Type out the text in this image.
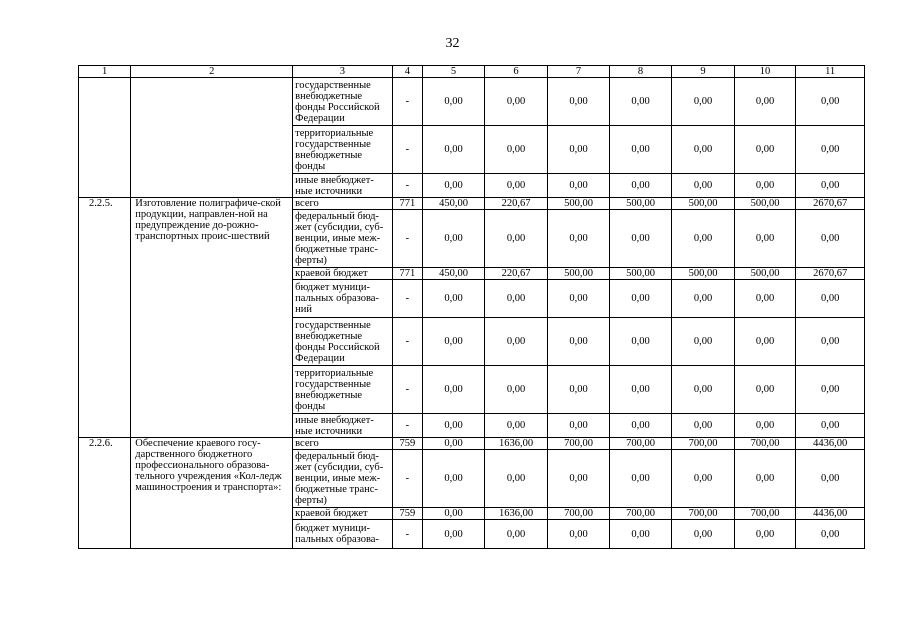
32
1	2	3	4	5	6	7	8	9	10	11
		государственные внебюджетные фонды Российской Федерации	-	0,00	0,00	0,00	0,00	0,00	0,00	0,00
		территориальные государственные внебюджетные фонды	-	0,00	0,00	0,00	0,00	0,00	0,00	0,00
		иные внебюджет-ные источники	-	0,00	0,00	0,00	0,00	0,00	0,00	0,00
2.2.5.	Изготовление полиграфиче-ской продукции, направлен-ной на предупреждение до-рожно-транспортных проис-шествий	всего	771	450,00	220,67	500,00	500,00	500,00	500,00	2670,67
		федеральный бюд-жет (субсидии, суб-венции, иные меж-бюджетные транс-ферты)	-	0,00	0,00	0,00	0,00	0,00	0,00	0,00
		краевой бюджет	771	450,00	220,67	500,00	500,00	500,00	500,00	2670,67
		бюджет муници-пальных образова-ний	-	0,00	0,00	0,00	0,00	0,00	0,00	0,00
		государственные внебюджетные фонды Российской Федерации	-	0,00	0,00	0,00	0,00	0,00	0,00	0,00
		территориальные государственные внебюджетные фонды	-	0,00	0,00	0,00	0,00	0,00	0,00	0,00
		иные внебюджет-ные источники	-	0,00	0,00	0,00	0,00	0,00	0,00	0,00
2.2.6.	Обеспечение краевого госу-дарственного бюджетного профессионального образова-тельного учреждения «Кол-ледж машиностроения и транспорта»:	всего	759	0,00	1636,00	700,00	700,00	700,00	700,00	4436,00
		федеральный бюд-жет (субсидии, суб-венции, иные меж-бюджетные транс-ферты)	-	0,00	0,00	0,00	0,00	0,00	0,00	0,00
		краевой бюджет	759	0,00	1636,00	700,00	700,00	700,00	700,00	4436,00
		бюджет муници-пальных образова-	-	0,00	0,00	0,00	0,00	0,00	0,00	0,00
